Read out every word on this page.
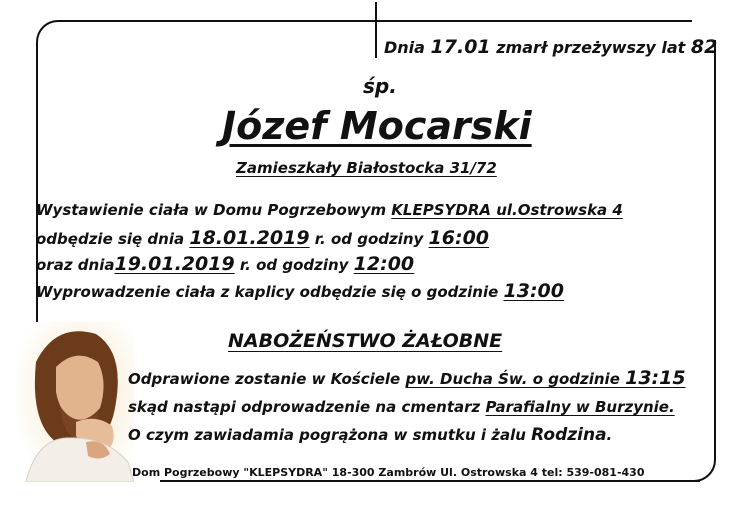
Dnia 17.01 zmarł przeżywszy lat 82
śp.
Józef Mocarski
Zamieszkały Białostocka 31/72
Wystawienie ciała w Domu Pogrzebowym KLEPSYDRA ul.Ostrowska 4
odbędzie się dnia 18.01.2019 r. od godziny 16:00
oraz dnia19.01.2019 r. od godziny 12:00
Wyprowadzenie ciała z kaplicy odbędzie się o godzinie 13:00
NABOŻEŃSTWO ŻAŁOBNE
Odprawione zostanie w Kościele pw. Ducha Św. o godzinie 13:15
skąd nastąpi odprowadzenie na cmentarz Parafialny w Burzynie.
O czym zawiadamia pogrążona w smutku i żalu Rodzina.
Dom Pogrzebowy "KLEPSYDRA" 18-300 Zambrów Ul. Ostrowska 4 tel: 539-081-430
